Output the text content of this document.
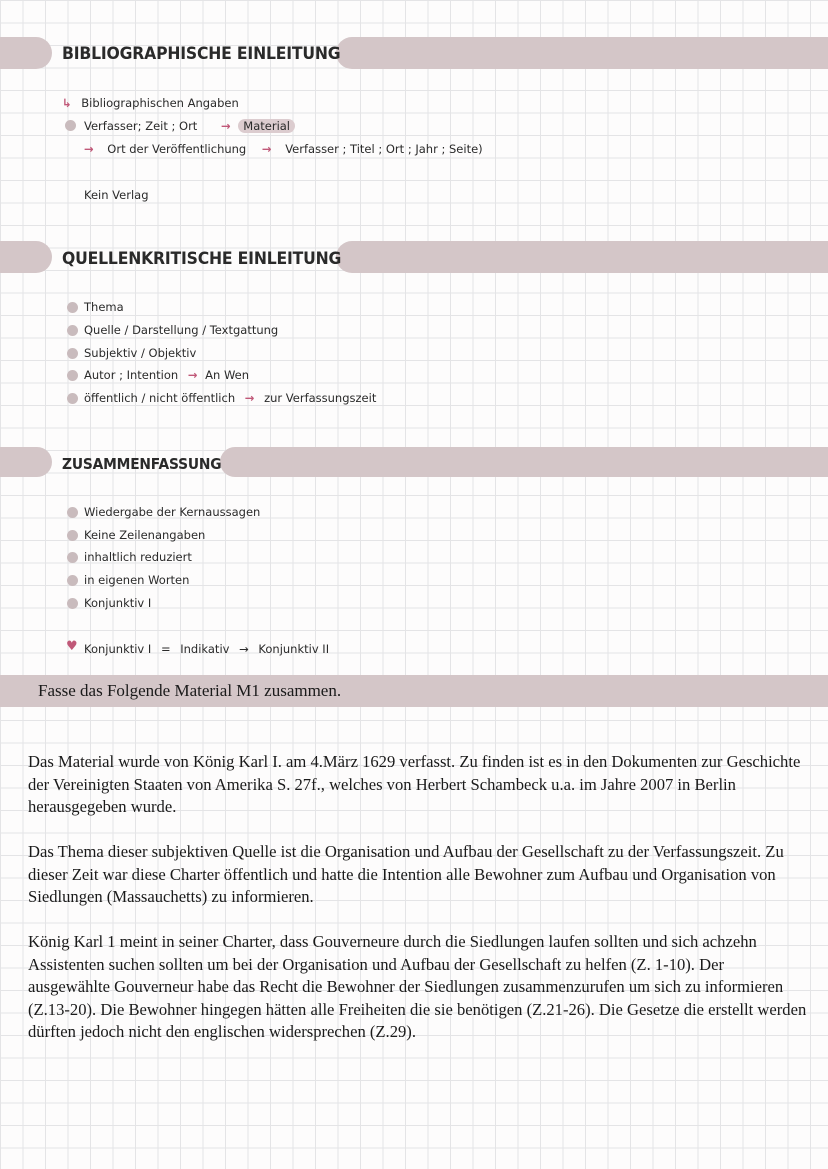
BIBLIOGRAPHISCHE EINLEITUNG
↳ Bibliographischen Angaben
Verfasser; Zeit ; Ort → Material
→ Ort der Veröffentlichung → Verfasser ; Titel ; Ort ; Jahr ; Seite)
Kein Verlag
QUELLENKRITISCHE EINLEITUNG
Thema
Quelle / Darstellung / Textgattung
Subjektiv / Objektiv
Autor ; Intention → An Wen
öffentlich / nicht öffentlich → zur Verfassungszeit
ZUSAMMENFASSUNG
Wiedergabe der Kernaussagen
Keine Zeilenangaben
inhaltlich reduziert
in eigenen Worten
Konjunktiv I
♥ Konjunktiv I = Indikativ → Konjunktiv II
Fasse das Folgende Material M1 zusammen.

Das Material wurde von König Karl I. am 4.März 1629 verfasst. Zu finden ist es in den Dokumenten zur Geschichte der Vereinigten Staaten von Amerika S. 27f., welches von Herbert Schambeck u.a. im Jahre 2007 in Berlin herausgegeben wurde.

Das Thema dieser subjektiven Quelle ist die Organisation und Aufbau der Gesellschaft zu der Verfassungszeit. Zu dieser Zeit war diese Charter öffentlich und hatte die Intention alle Bewohner zum Aufbau und Organisation von Siedlungen (Massauchetts) zu informieren.

König Karl 1 meint in seiner Charter, dass Gouverneure durch die Siedlungen laufen sollten und sich achzehn Assistenten suchen sollten um bei der Organisation und Aufbau der Gesellschaft zu helfen (Z. 1-10). Der ausgewählte Gouverneur habe das Recht die Bewohner der Siedlungen zusammenzurufen um sich zu informieren (Z.13-20). Die Bewohner hingegen hätten alle Freiheiten die sie benötigen (Z.21-26). Die Gesetze die erstellt werden dürften jedoch nicht den englischen widersprechen (Z.29).
